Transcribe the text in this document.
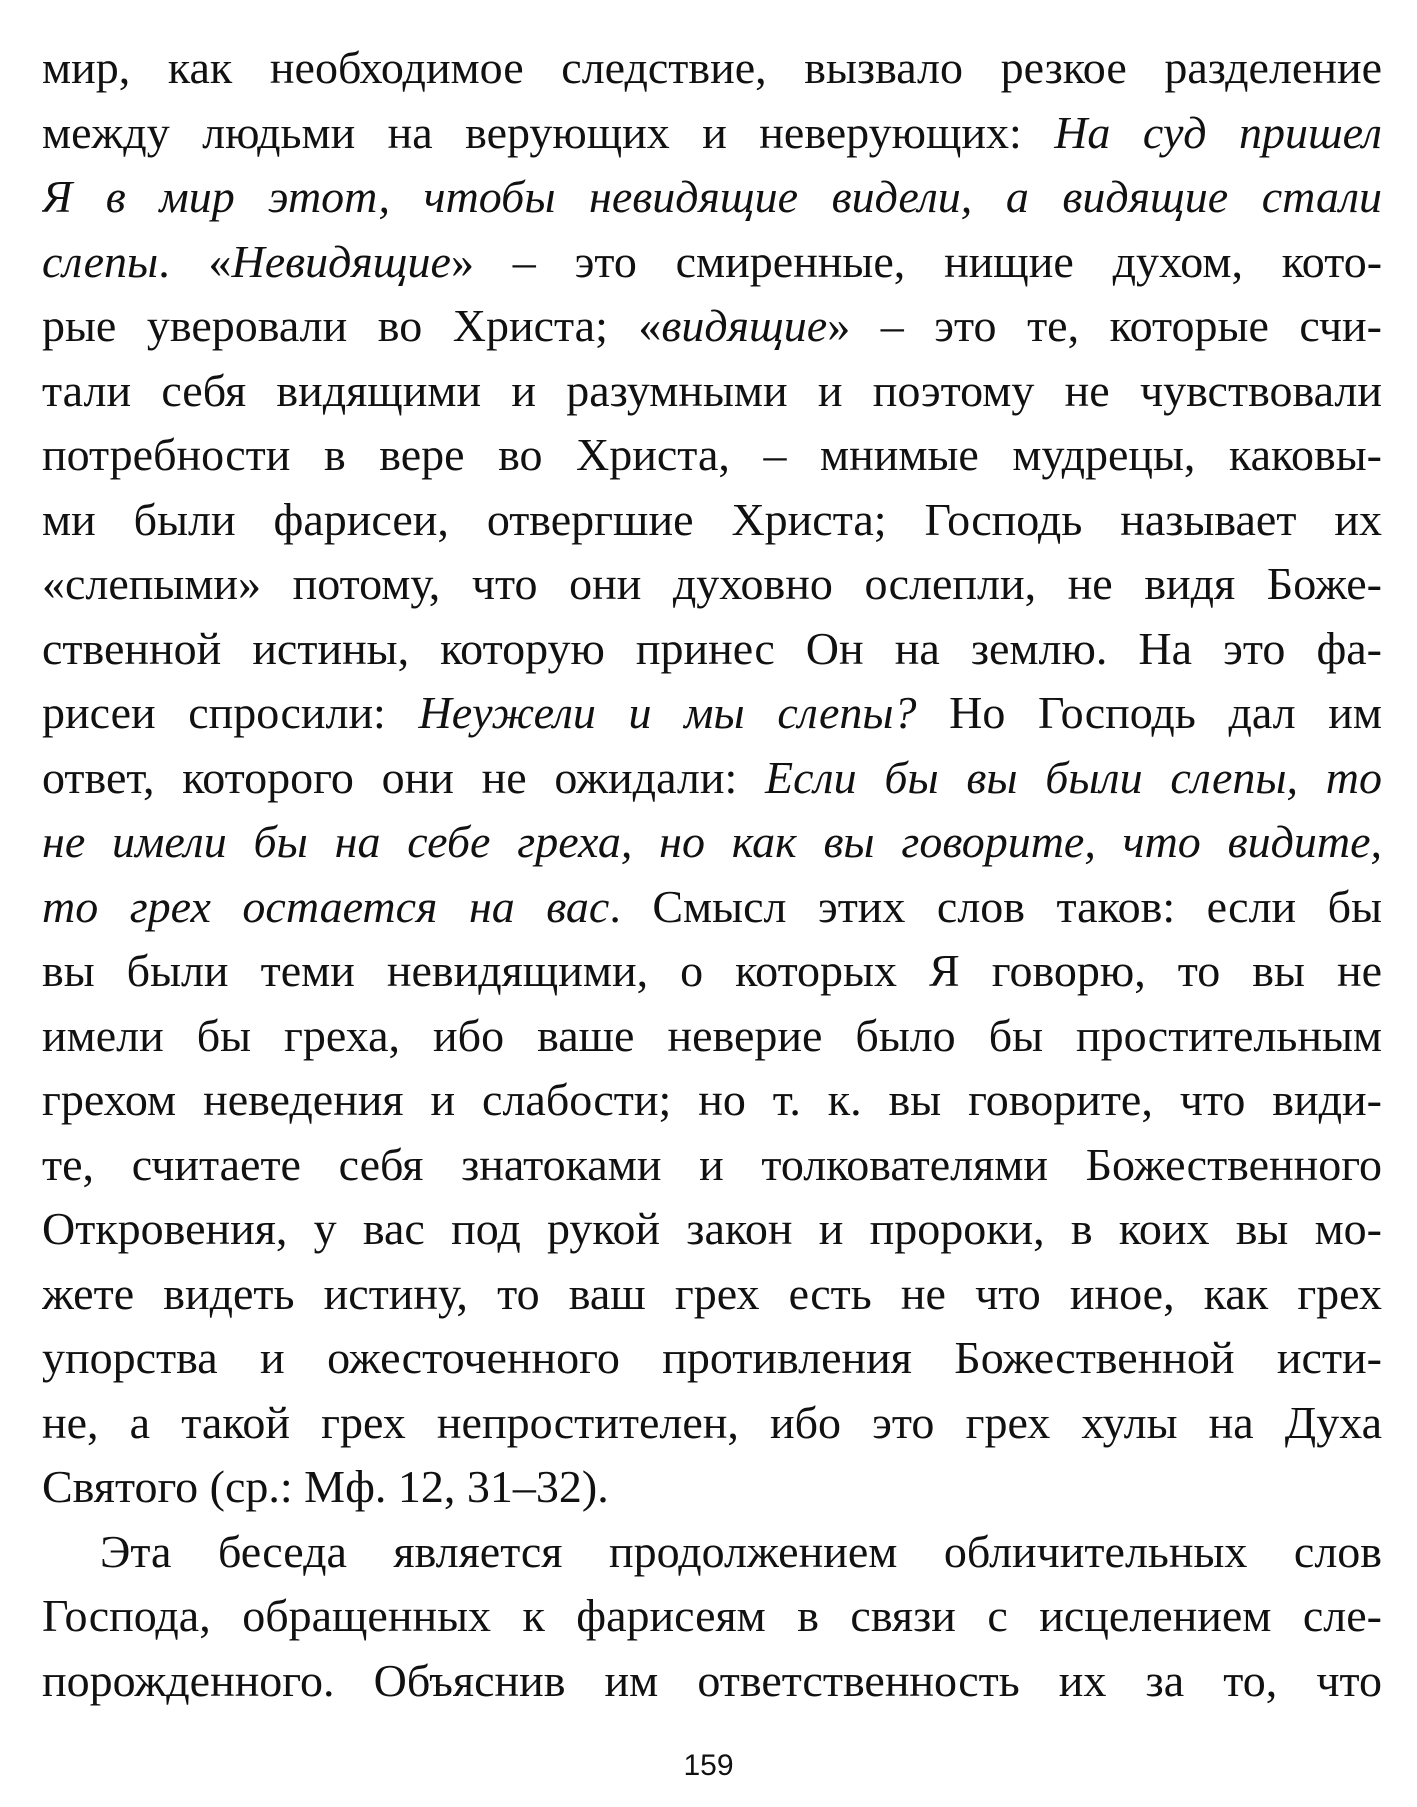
мир, как необходимое следствие, вызвало резкое разделение
между людьми на верующих и неверующих: На суд пришел
Я в мир этот, чтобы невидящие видели, а видящие стали
слепы. «Невидящие» – это смиренные, нищие духом, кото-
рые уверовали во Христа; «видящие» – это те, которые счи-
тали себя видящими и разумными и поэтому не чувствовали
потребности в вере во Христа, – мнимые мудрецы, каковы-
ми были фарисеи, отвергшие Христа; Господь называет их
«слепыми» потому, что они духовно ослепли, не видя Боже-
ственной истины, которую принес Он на землю. На это фа-
рисеи спросили: Неужели и мы слепы? Но Господь дал им
ответ, которого они не ожидали: Если бы вы были слепы, то
не имели бы на себе греха, но как вы говорите, что видите,
то грех остается на вас. Смысл этих слов таков: если бы
вы были теми невидящими, о которых Я говорю, то вы не
имели бы греха, ибо ваше неверие было бы простительным
грехом неведения и слабости; но т. к. вы говорите, что види-
те, считаете себя знатоками и толкователями Божественного
Откровения, у вас под рукой закон и пророки, в коих вы мо-
жете видеть истину, то ваш грех есть не что иное, как грех
упорства и ожесточенного противления Божественной исти-
не, а такой грех непростителен, ибо это грех хулы на Духа
Святого (ср.: Мф. 12, 31–32).

Эта беседа является продолжением обличительных слов
Господа, обращенных к фарисеям в связи с исцелением сле-
порожденного. Объяснив им ответственность их за то, что

159
